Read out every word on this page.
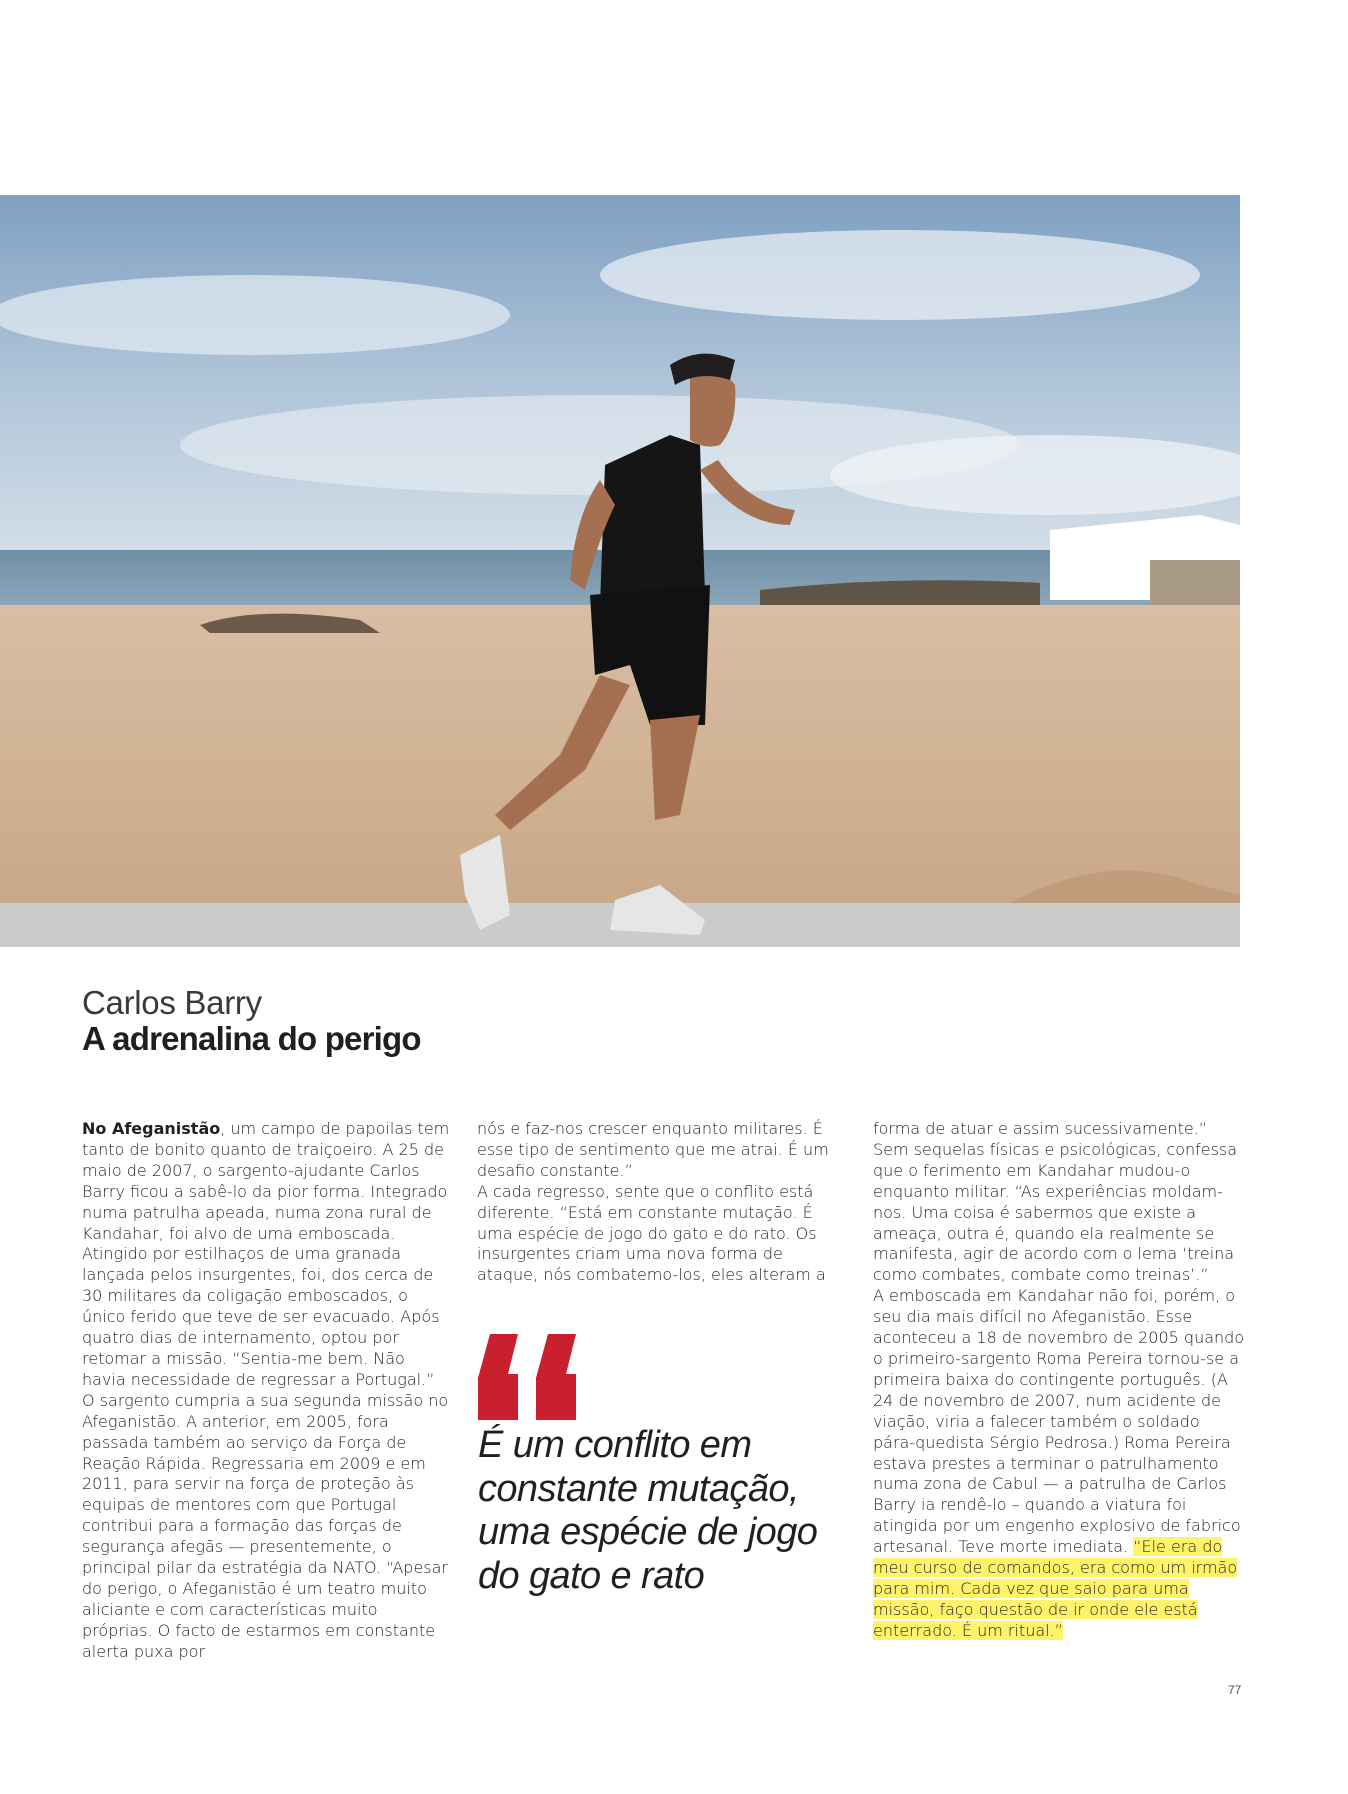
Carlos Barry
A adrenalina do perigo

No Afeganistão, um campo de papoilas tem tanto de bonito quanto de traiçoeiro. A 25 de maio de 2007, o sargento-ajudante Carlos Barry ficou a sabê-lo da pior forma. Integrado numa patrulha apeada, numa zona rural de Kandahar, foi alvo de uma emboscada. Atingido por estilhaços de uma granada lançada pelos insurgentes, foi, dos cerca de 30 militares da coligação emboscados, o único ferido que teve de ser evacuado. Após quatro dias de internamento, optou por retomar a missão. “Sentia-me bem. Não havia necessidade de regressar a Portugal.”

O sargento cumpria a sua segunda missão no Afeganistão. A anterior, em 2005, fora passada também ao serviço da Força de Reação Rápida. Regressaria em 2009 e em 2011, para servir na força de proteção às equipas de mentores com que Portugal contribui para a formação das forças de segurança afegãs — presentemente, o principal pilar da estratégia da NATO. “Apesar do perigo, o Afeganistão é um teatro muito aliciante e com características muito próprias. O facto de estarmos em constante alerta puxa por

nós e faz-nos crescer enquanto militares. É esse tipo de sentimento que me atrai. É um desafio constante.”

A cada regresso, sente que o conflito está diferente. “Está em constante mutação. É uma espécie de jogo do gato e do rato. Os insurgentes criam uma nova forma de ataque, nós combatemo-los, eles alteram a

É um conflito em constante mutação, uma espécie de jogo do gato e rato

forma de atuar e assim sucessivamente.” Sem sequelas físicas e psicológicas, confessa que o ferimento em Kandahar mudou-o enquanto militar. “As experiências moldam-nos. Uma coisa é sabermos que existe a ameaça, outra é, quando ela realmente se manifesta, agir de acordo com o lema ‘treina como combates, combate como treinas’.”

A emboscada em Kandahar não foi, porém, o seu dia mais difícil no Afeganistão. Esse aconteceu a 18 de novembro de 2005 quando o primeiro-sargento Roma Pereira tornou-se a primeira baixa do contingente português. (A 24 de novembro de 2007, num acidente de viação, viria a falecer também o soldado pára-quedista Sérgio Pedrosa.) Roma Pereira estava prestes a terminar o patrulhamento numa zona de Cabul — a patrulha de Carlos Barry ia rendê-lo – quando a viatura foi atingida por um engenho explosivo de fabrico artesanal. Teve morte imediata. “Ele era do meu curso de comandos, era como um irmão para mim. Cada vez que saio para uma missão, faço questão de ir onde ele está enterrado. É um ritual.”

77
